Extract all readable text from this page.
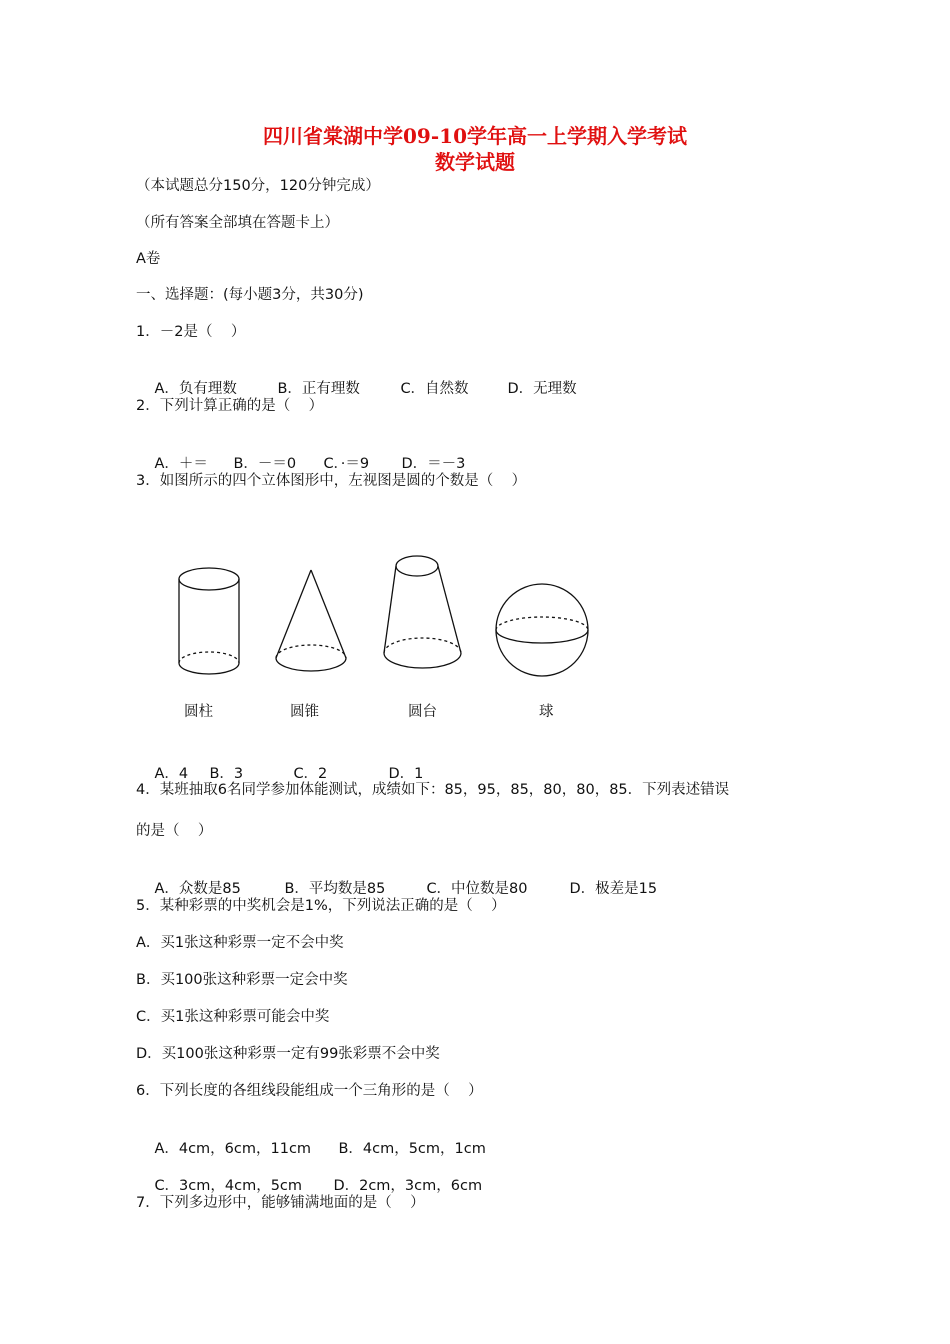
四川省棠湖中学09-10学年高一上学期入学考试
数学试题
（本试题总分150分，120分钟完成）
（所有答案全部填在答题卡上）
A卷
一、选择题：(每小题3分，共30分)
1．－2是（    ）

A．负有理数	B．正有理数	C．自然数	D．无理数

2．下列计算正确的是（    ）

A．＋＝ B．－＝0 C．·＝9 D．＝－3

3．如图所示的四个立体图形中，左视图是圆的个数是（    ）
圆柱	圆锥	圆台	球

A．4 B．3	C．2	D．1

4．某班抽取6名同学参加体能测试，成绩如下：85，95，85，80，80，85．下列表述错误
的是（    ）

A．众数是85	B．平均数是85	C．中位数是80	D．极差是15

5．某种彩票的中奖机会是1%，下列说法正确的是（    ）
A．买1张这种彩票一定不会中奖
B．买100张这种彩票一定会中奖
C．买1张这种彩票可能会中奖
D．买100张这种彩票一定有99张彩票不会中奖
6．下列长度的各组线段能组成一个三角形的是（    ）

A．4cm，6cm，11cm B．4cm，5cm，1cm

C．3cm，4cm，5cm D．2cm，3cm，6cm

7．下列多边形中，能够铺满地面的是（    ）
